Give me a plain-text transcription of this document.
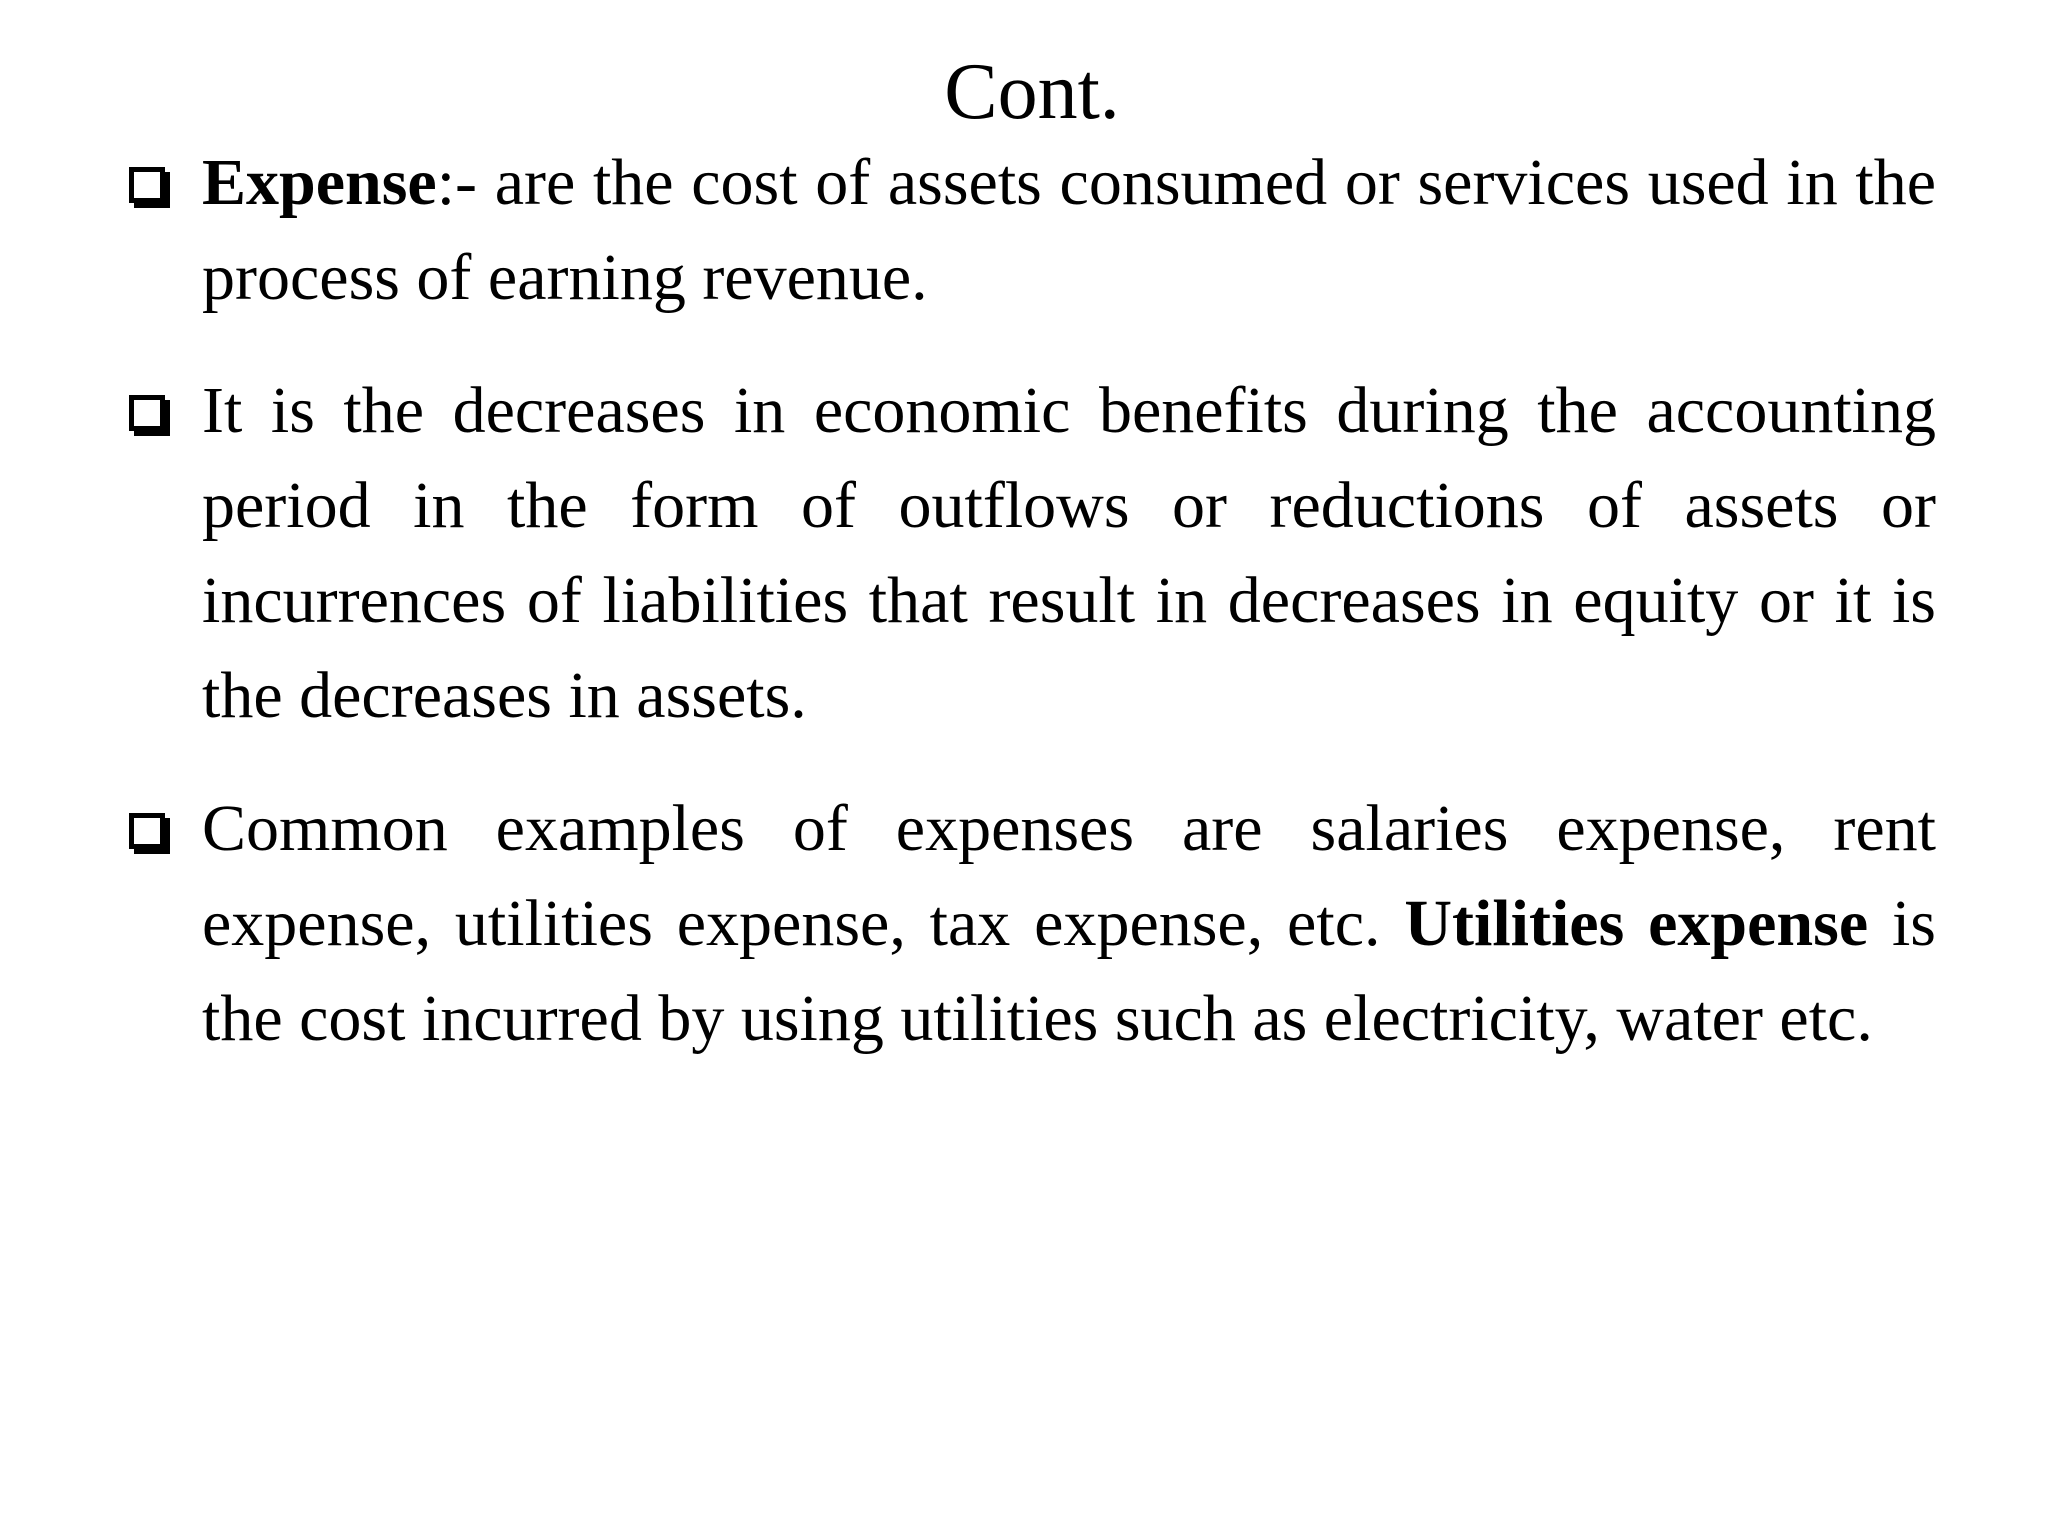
Cont.

Expense:- are the cost of assets consumed or services used in the process of earning revenue.

It is the decreases in economic benefits during the accounting period in the form of outflows or reductions of assets or incurrences of liabilities that result in decreases in equity or it is the decreases in assets.

Common examples of expenses are salaries expense, rent expense, utilities expense, tax expense, etc. Utilities expense is the cost incurred by using utilities such as electricity, water etc.
